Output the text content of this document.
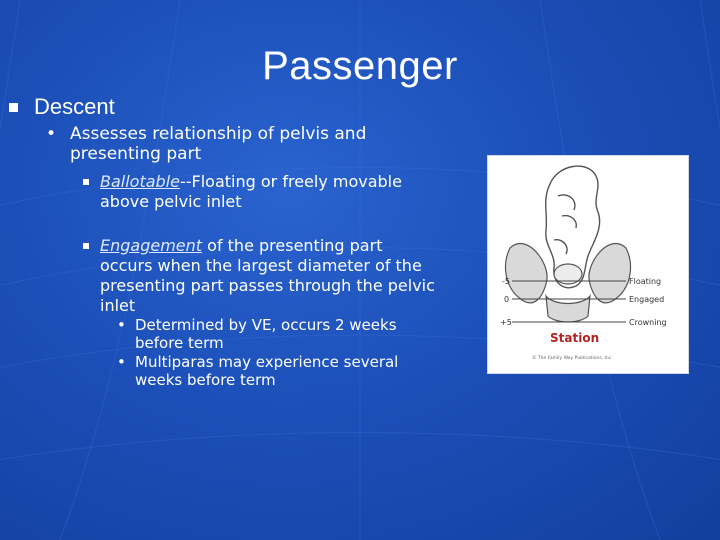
Passenger
Descent
• Assesses relationship of pelvis and presenting part
Ballotable--Floating or freely movable above pelvic inlet
Engagement of the presenting part occurs when the largest diameter of the presenting part passes through the pelvic inlet
• Determined by VE, occurs 2 weeks before term
• Multiparas may experience several weeks before term
-5
0
+5
Floating
Engaged
Crowning
Station
© The Family Way Publications, Inc.
